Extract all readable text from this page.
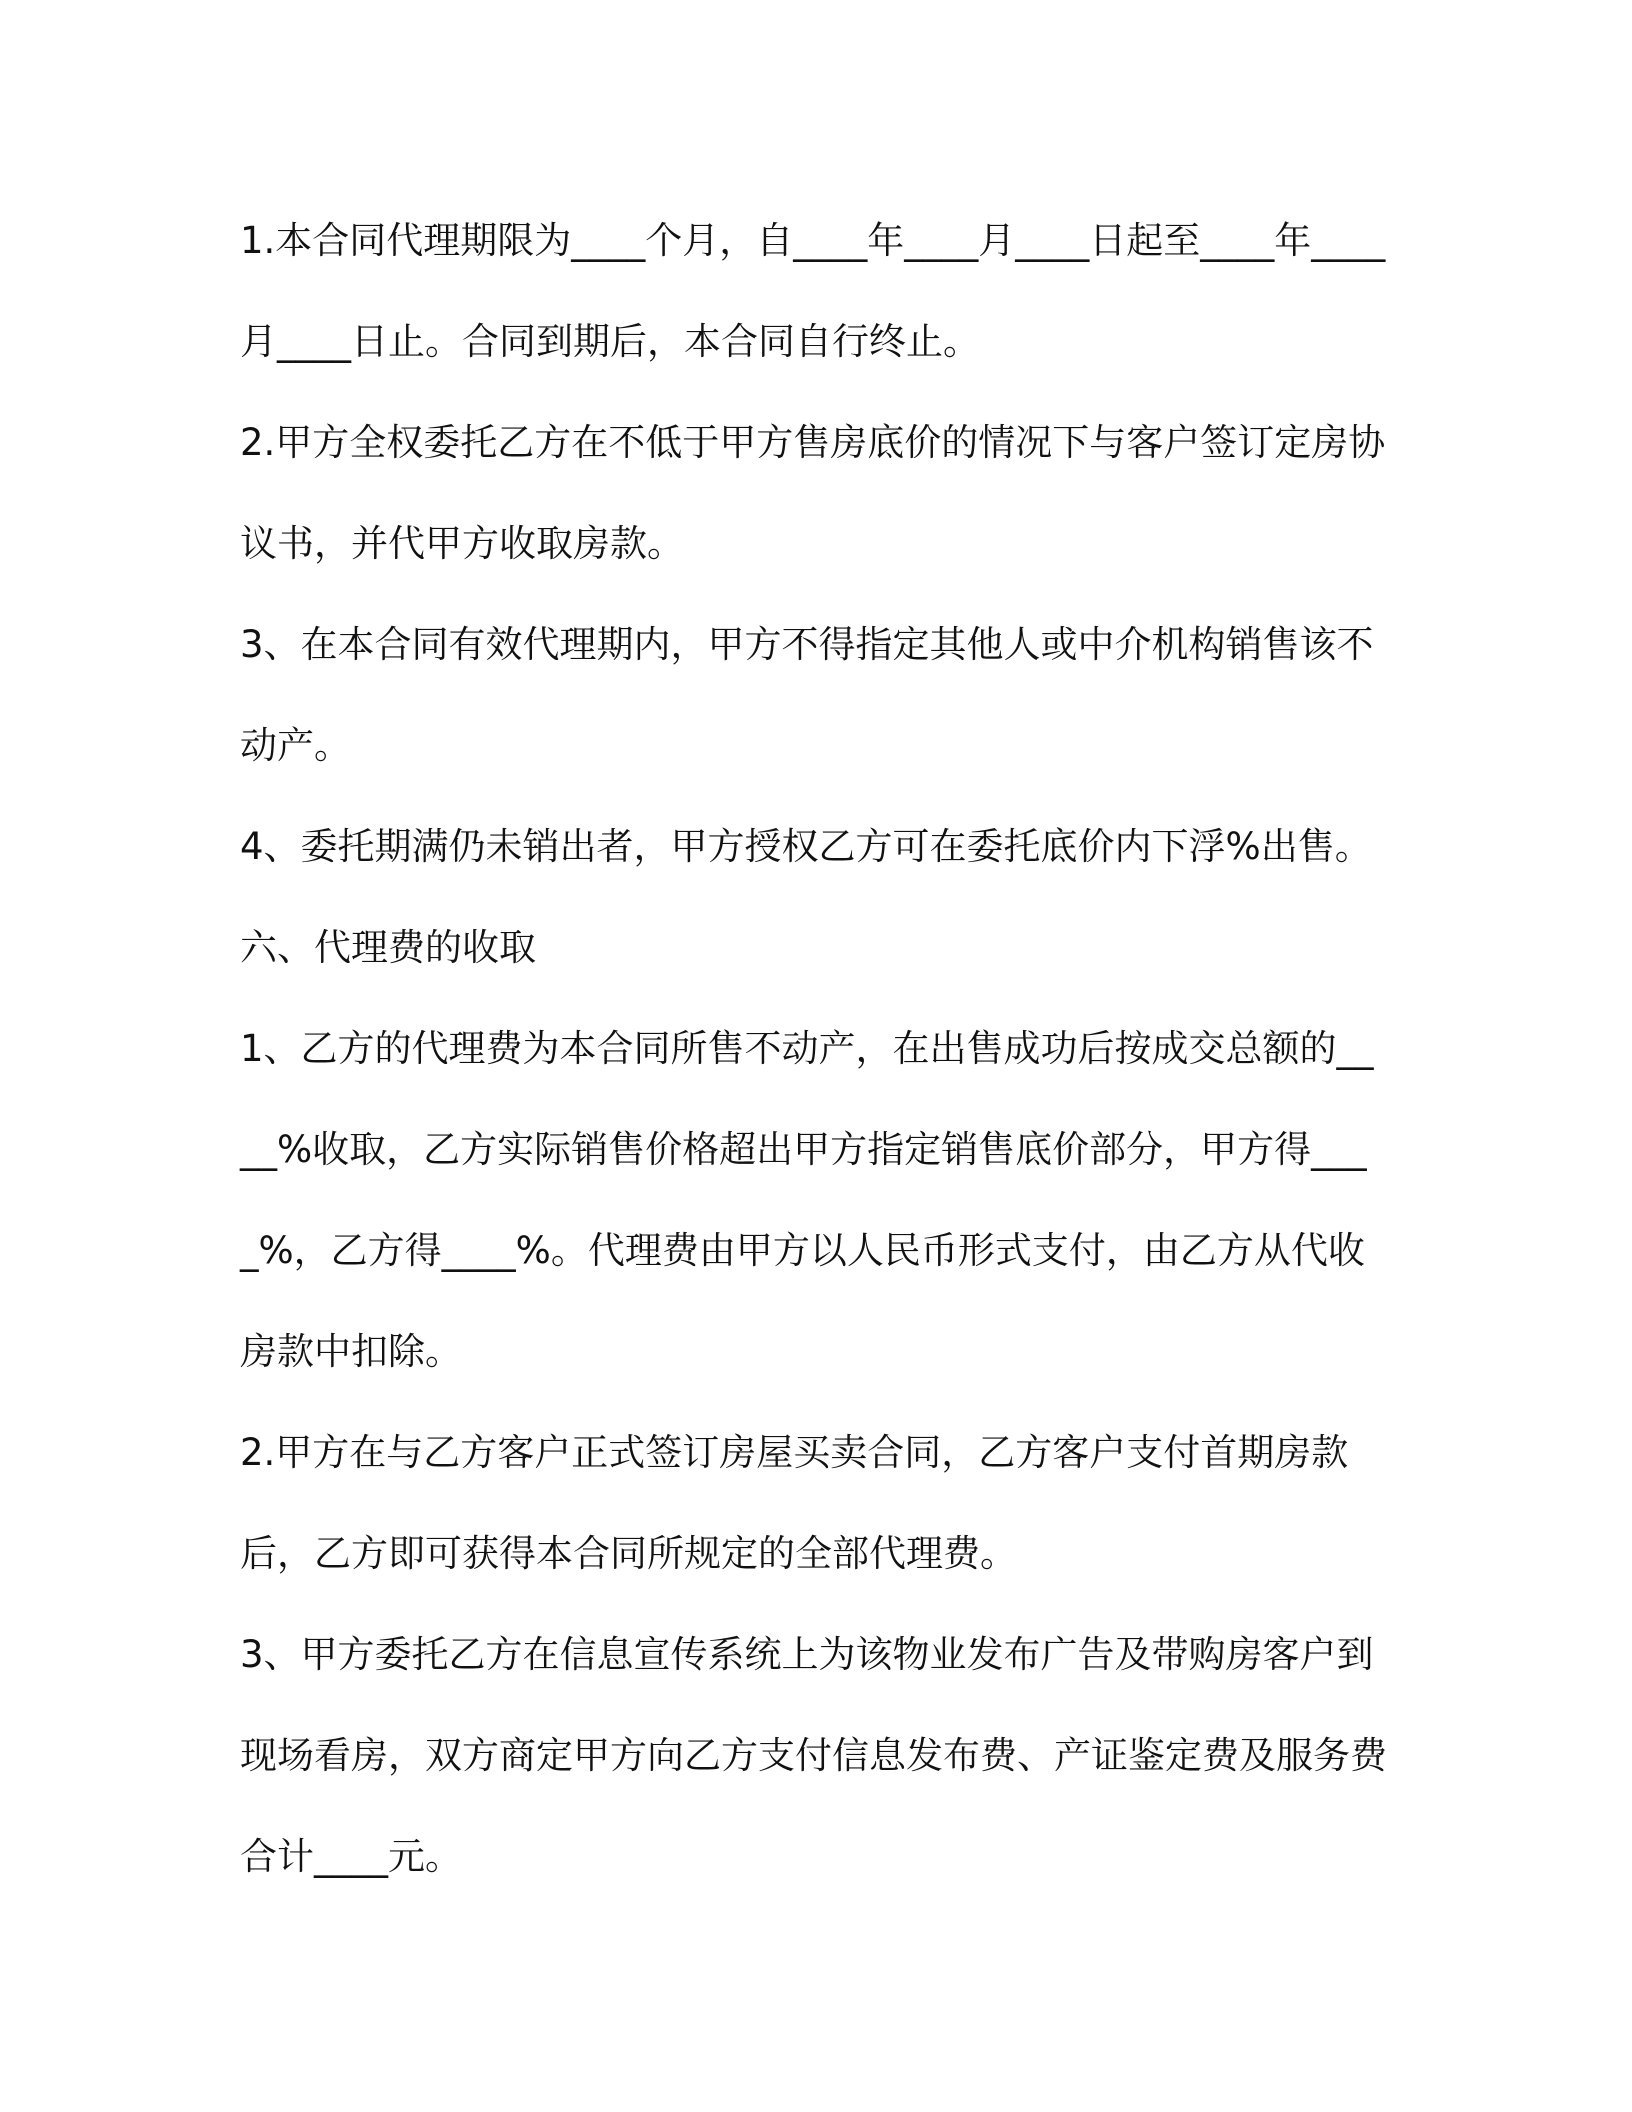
1.本合同代理期限为____个月，自____年____月____日起至____年____月____日止。合同到期后，本合同自行终止。

2.甲方全权委托乙方在不低于甲方售房底价的情况下与客户签订定房协议书，并代甲方收取房款。

3、在本合同有效代理期内，甲方不得指定其他人或中介机构销售该不动产。

4、委托期满仍未销出者，甲方授权乙方可在委托底价内下浮%出售。

六、代理费的收取

1、乙方的代理费为本合同所售不动产，在出售成功后按成交总额的____%收取，乙方实际销售价格超出甲方指定销售底价部分，甲方得____%，乙方得____%。代理费由甲方以人民币形式支付，由乙方从代收房款中扣除。

2.甲方在与乙方客户正式签订房屋买卖合同，乙方客户支付首期房款后，乙方即可获得本合同所规定的全部代理费。

3、甲方委托乙方在信息宣传系统上为该物业发布广告及带购房客户到现场看房，双方商定甲方向乙方支付信息发布费、产证鉴定费及服务费合计____元。
